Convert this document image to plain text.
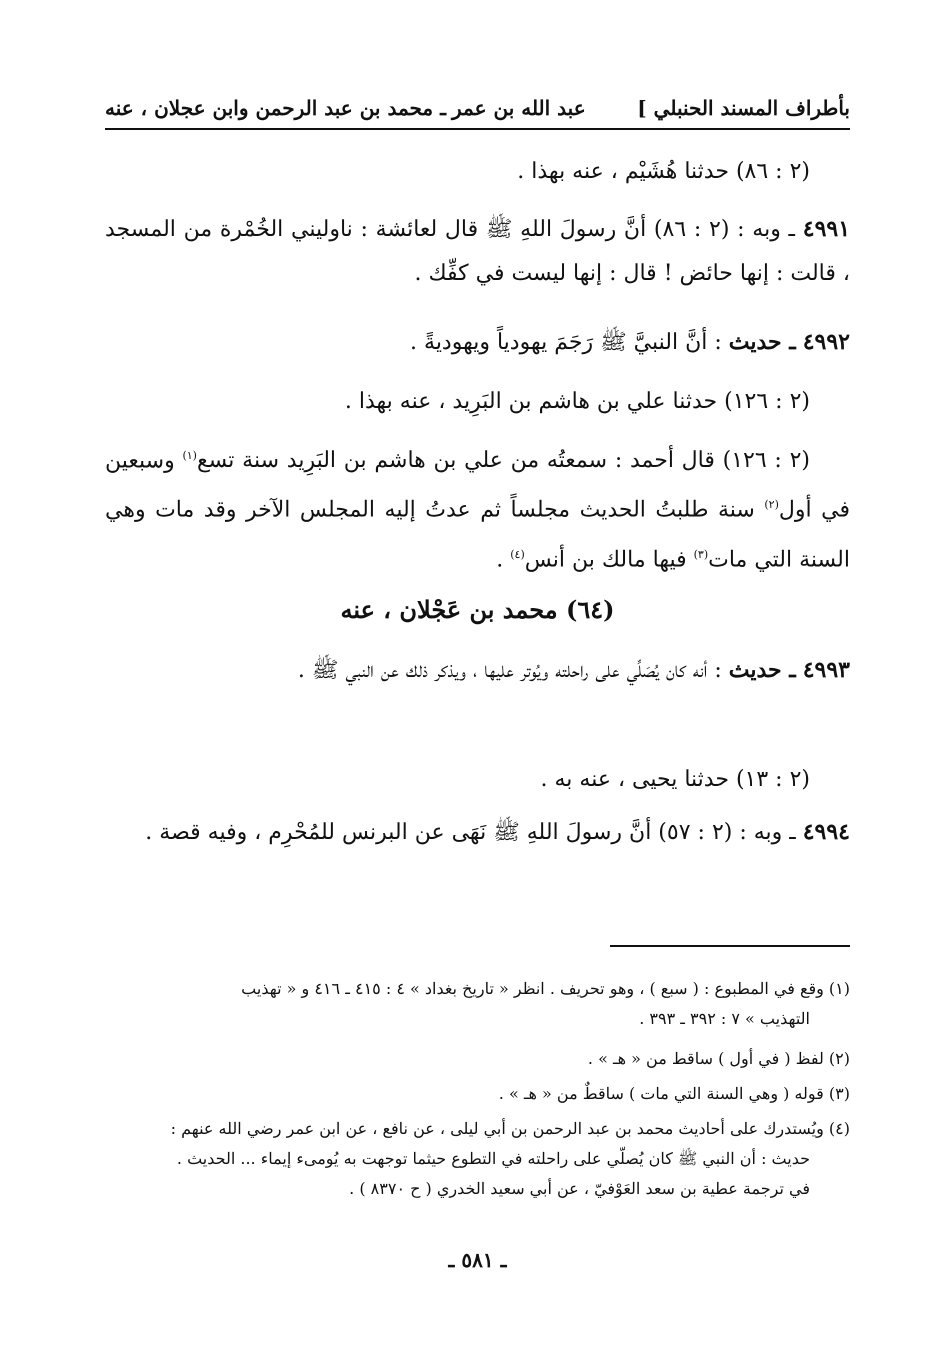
بأطراف المسند الحنبلي ]
عبد الله بن عمرـ محمد بن عبد الرحمن وابن عجلان ، عنه
(٢ : ٨٦) حدثنا هُشَيْم ، عنه بهذا .
٤٩٩١ ـ وبه : (٢ : ٨٦) أنَّ رسولَ اللهِ ﷺ قال لعائشة : ناوليني الخُمْرة من المسجد ، قالت : إنها حائض ! قال : إنها ليست في كفِّك .
٤٩٩٢ ـ حديث : أنَّ النبيَّ ﷺ رَجَمَ يهودياً ويهوديةً .
(٢ : ١٢٦) حدثنا علي بن هاشم بن البَرِيد ، عنه بهذا .
(٢ : ١٢٦) قال أحمد : سمعتُه من علي بن هاشم بن البَرِيد سنة تسع$^{(١)}$ وسبعين في أول$^{(٢)}$ سنة طلبتُ الحديث مجلساً ثم عدتُ إليه المجلس الآخر وقد مات وهي السنة التي مات$^{(٣)}$ فيها مالك بن أنس$^{(٤)}$ .
(٦٤) محمد بن عَجْلان ، عنه
٤٩٩٣ ـ حديث : أنه كان يُصَلِّي على راحلته ويُوتر عليها ، ويذكر ذلك عن النبي ﷺ .
(٢ : ١٣) حدثنا يحيى ، عنه به .
٤٩٩٤ ـ وبه : (٢ : ٥٧) أنَّ رسولَ اللهِ ﷺ نَهَى عن البرنس للمُحْرِم ، وفيه قصة .
(١) وقع في المطبوع : ( سبع ) ، وهو تحريف . انظر « تاريخ بغداد » ٤ : ٤١٥ ـ ٤١٦ و « تهذيب
التهذيب » ٧ : ٣٩٢ ـ ٣٩٣ .
(٢) لفظ ( في أول ) ساقط من « هـ » .
(٣) قوله ( وهي السنة التي مات ) ساقطٌ من « هـ » .
(٤) ويُستدرك على أحاديث محمد بن عبد الرحمن بن أبي ليلى ، عن نافع ، عن ابن عمر رضي الله عنهم :
حديث : أن النبي ﷺ كان يُصلّي على راحلته في التطوع حيثما توجهت به يُومىء إيماء ... الحديث .
في ترجمة عطية بن سعد العَوْفيّ ، عن أبي سعيد الخدري ( ح ٨٣٧٠ ) .
ـ ٥٨١ ـ
